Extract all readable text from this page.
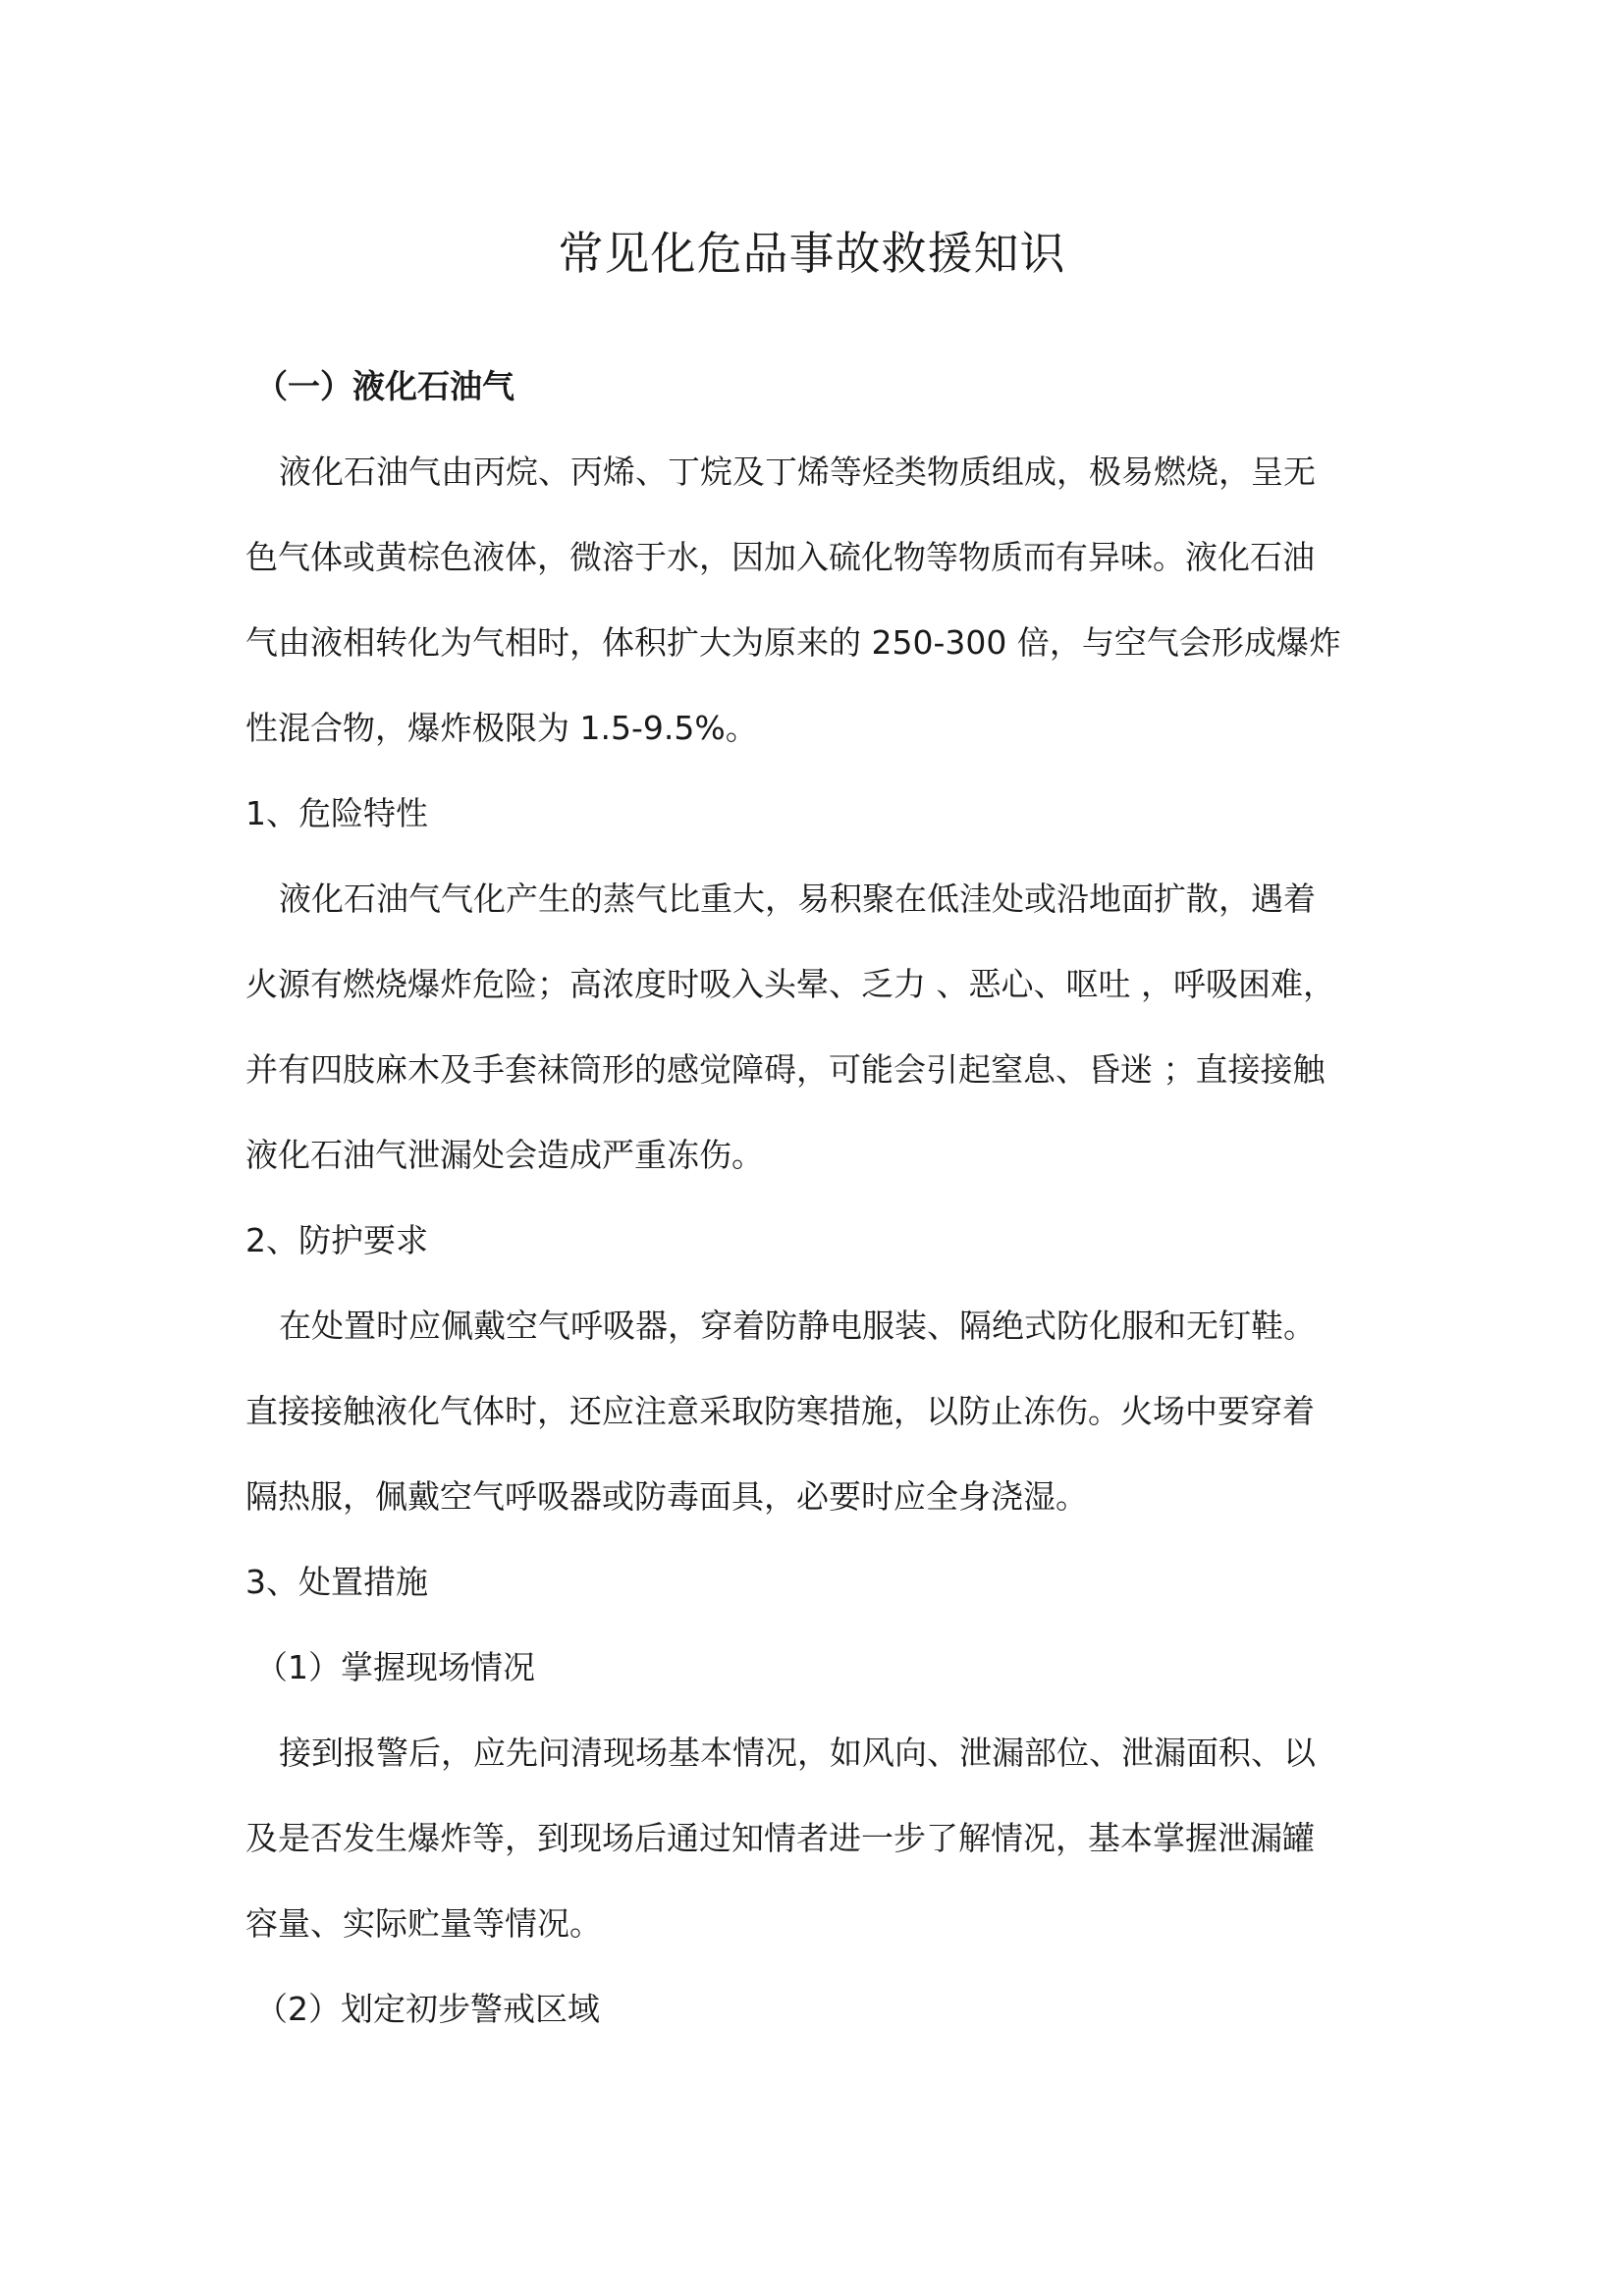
常见化危品事故救援知识
（一）液化石油气

液化石油气由丙烷、丙烯、丁烷及丁烯等烃类物质组成，极易燃烧，呈无

色气体或黄棕色液体，微溶于水，因加入硫化物等物质而有异味。液化石油

气由液相转化为气相时，体积扩大为原来的 250-300 倍，与空气会形成爆炸

性混合物，爆炸极限为 1.5-9.5%。

1、危险特性

液化石油气气化产生的蒸气比重大，易积聚在低洼处或沿地面扩散，遇着

火源有燃烧爆炸危险；高浓度时吸入头晕、乏力 、恶心、呕吐 ，呼吸困难，

并有四肢麻木及手套袜筒形的感觉障碍，可能会引起窒息、昏迷 ；直接接触

液化石油气泄漏处会造成严重冻伤。

2、防护要求

在处置时应佩戴空气呼吸器，穿着防静电服装、隔绝式防化服和无钉鞋。

直接接触液化气体时，还应注意采取防寒措施，以防止冻伤。火场中要穿着

隔热服，佩戴空气呼吸器或防毒面具，必要时应全身浇湿。

3、处置措施
（1）掌握现场情况

接到报警后，应先问清现场基本情况，如风向、泄漏部位、泄漏面积、以

及是否发生爆炸等，到现场后通过知情者进一步了解情况，基本掌握泄漏罐

容量、实际贮量等情况。

（2）划定初步警戒区域
